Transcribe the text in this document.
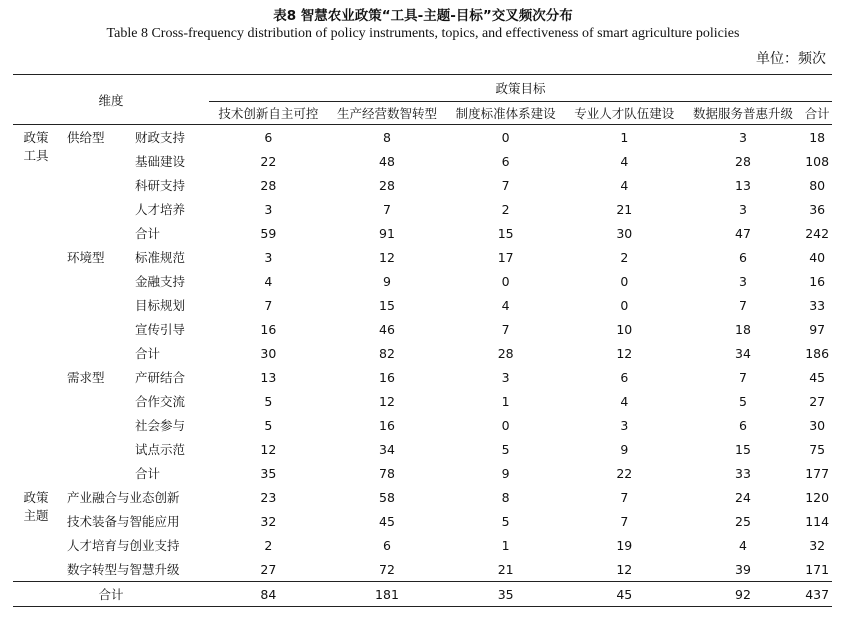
表8 智慧农业政策“工具-主题-目标”交叉频次分布
Table 8 Cross-frequency distribution of policy instruments, topics, and effectiveness of smart agriculture policies
单位：频次
维度			政策目标					
			技术创新自主可控	生产经营数智转型	制度标准体系建设	专业人才队伍建设	数据服务普惠升级	合计
政策
工具	供给型	财政支持	6	8	0	1	3	18
		基础建设	22	48	6	4	28	108
		科研支持	28	28	7	4	13	80
		人才培养	3	7	2	21	3	36
		合计	59	91	15	30	47	242
	环境型	标准规范	3	12	17	2	6	40
		金融支持	4	9	0	0	3	16
		目标规划	7	15	4	0	7	33
		宣传引导	16	46	7	10	18	97
		合计	30	82	28	12	34	186
	需求型	产研结合	13	16	3	6	7	45
		合作交流	5	12	1	4	5	27
		社会参与	5	16	0	3	6	30
		试点示范	12	34	5	9	15	75
		合计	35	78	9	22	33	177
政策
主题	产业融合与业态创新		23	58	8	7	24	120
	技术装备与智能应用		32	45	5	7	25	114
	人才培育与创业支持		2	6	1	19	4	32
	数字转型与智慧升级		27	72	21	12	39	171
合计			84	181	35	45	92	437
